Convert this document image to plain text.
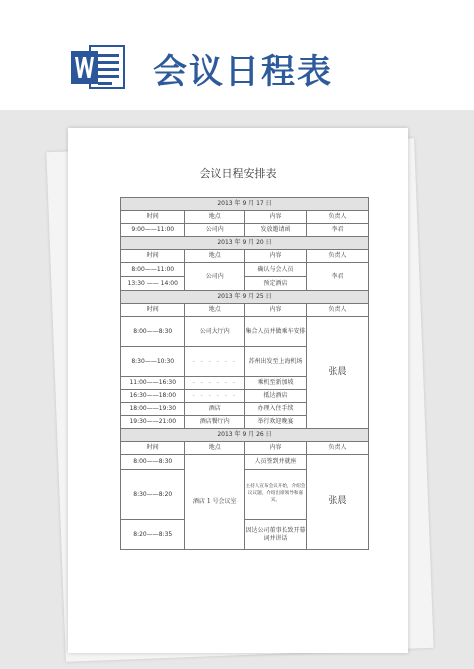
会议日程表
会议日程安排表
2013 年 9 月 17 日			
时间	地点	内容	负责人
9:00——11:00	公司内	发放邀请函	李君
2013 年 9 月 20 日			
时间	地点	内容	负责人
8:00——11:00	公司内	确认与会人员	李君
13:30 —— 14:00		预定酒店	
2013 年 9 月 25 日			
时间	地点	内容	负责人
8:00——8:30	公司大厅内	集合人员并做乘车安排	张晨
8:30——10:30	- - - - - -	苏州出发至上海机场	
11:00——16:30	- - - - - -	乘机至新加坡	
16:30——18:00	- - - - - -	抵达酒店	
18:00——19:30	酒店	办理入住手续	
19:30——21:00	酒店餐厅内	举行欢迎晚宴	
2013 年 9 月 26 日			
时间	地点	内容	负责人
8:00——8:30	酒店 1 号会议室	人员签到并就座	张晨
8:30——8:20		主持人宣布会议开始，介绍会议议题，介绍出席领导和嘉宾。	
8:20——8:35		因达公司董事长致开幕词并讲话	
